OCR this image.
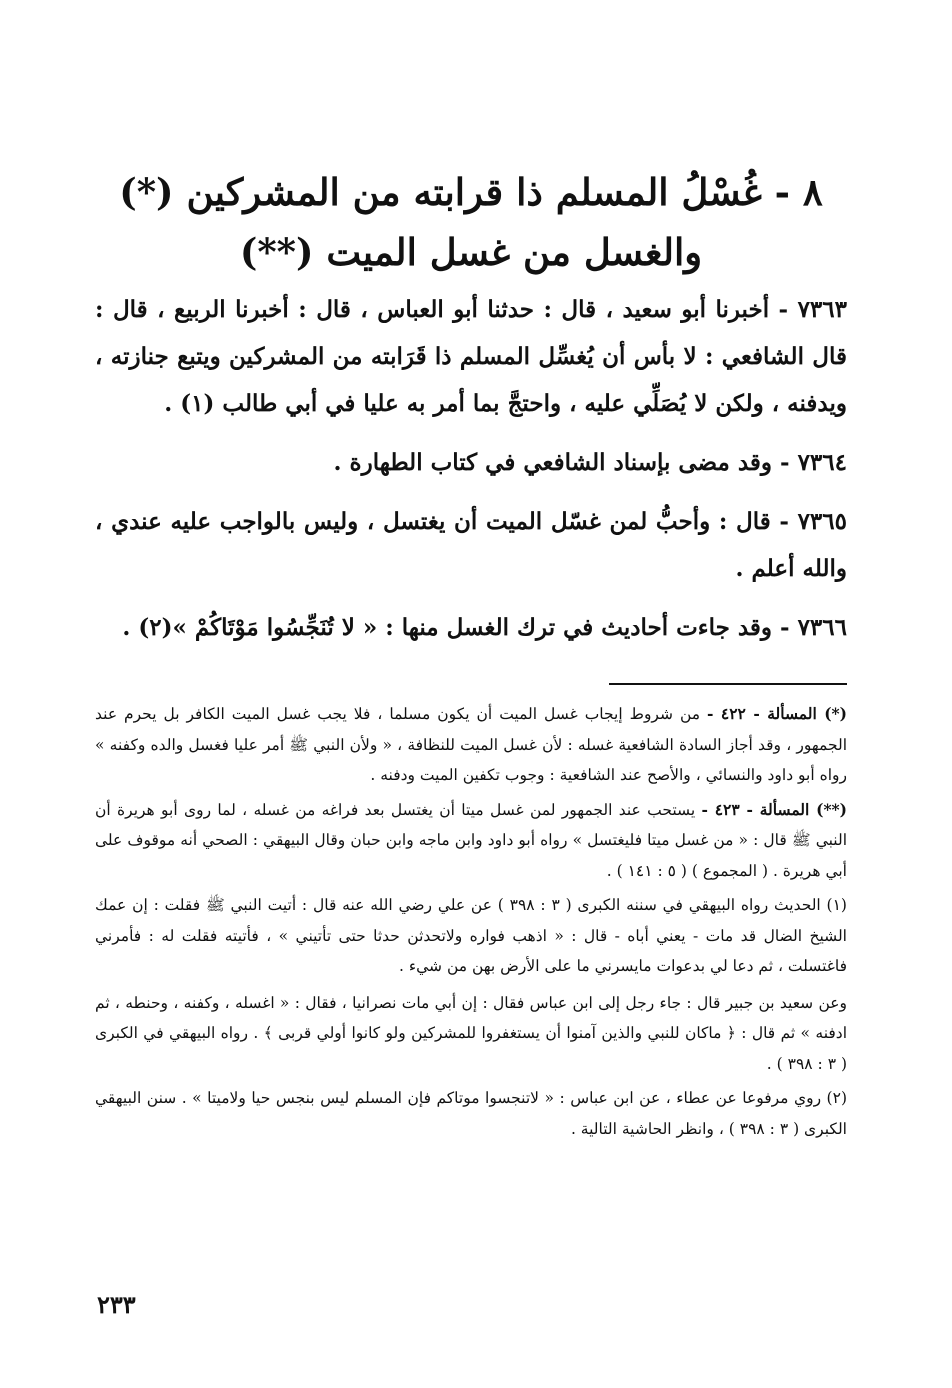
٨ - غُسْلُ المسلم ذا قرابته من المشركين (*)
والغسل من غسل الميت (**)

٧٣٦٣ - أخبرنا أبو سعيد ، قال : حدثنا أبو العباس ، قال : أخبرنا الربيع ، قال : قال الشافعي : لا بأس أن يُغسِّل المسلم ذا قَرَابته من المشركين ويتبع جنازته ، ويدفنه ، ولكن لا يُصَلِّي عليه ، واحتجَّ بما أمر به عليا في أبي طالب (١) .

٧٣٦٤ - وقد مضى بإسناد الشافعي في كتاب الطهارة .

٧٣٦٥ - قال : وأحبُّ لمن غسّل الميت أن يغتسل ، وليس بالواجب عليه عندي ، والله أعلم .

٧٣٦٦ - وقد جاءت أحاديث في ترك الغسل منها : « لا تُنَجِّسُوا مَوْتَاكُمْ »(٢) .

(*) المسألة - ٤٢٢ - من شروط إيجاب غسل الميت أن يكون مسلما ، فلا يجب غسل الميت الكافر بل يحرم عند الجمهور ، وقد أجاز السادة الشافعية غسله : لأن غسل الميت للنظافة ، « ولأن النبي ﷺ أمر عليا فغسل والده وكفنه » رواه أبو داود والنسائي ، والأصح عند الشافعية : وجوب تكفين الميت ودفنه .

(**) المسألة - ٤٢٣ - يستحب عند الجمهور لمن غسل ميتا أن يغتسل بعد فراغه من غسله ، لما روى أبو هريرة أن النبي ﷺ قال : « من غسل ميتا فليغتسل » رواه أبو داود وابن ماجه وابن حبان وقال البيهقي : الصحي أنه موقوف على أبي هريرة . ( المجموع ) ( ٥ : ١٤١ ) .

(١) الحديث رواه البيهقي في سننه الكبرى ( ٣ : ٣٩٨ ) عن علي رضي الله عنه قال : أتيت النبي ﷺ فقلت : إن عمك الشيخ الضال قد مات - يعني أباه - قال : « اذهب فواره ولاتحدثن حدثا حتى تأتيني » ، فأتيته فقلت له : فأمرني فاغتسلت ، ثم دعا لي بدعوات مايسرني ما على الأرض بهن من شيء .

وعن سعيد بن جبير قال : جاء رجل إلى ابن عباس فقال : إن أبي مات نصرانيا ، فقال : « اغسله ، وكفنه ، وحنطه ، ثم ادفنه » ثم قال : ﴿ ماكان للنبي والذين آمنوا أن يستغفروا للمشركين ولو كانوا أولي قربى ﴾ . رواه البيهقي في الكبرى ( ٣ : ٣٩٨ ) .

(٢) روي مرفوعا عن عطاء ، عن ابن عباس : « لاتنجسوا موتاكم فإن المسلم ليس بنجس حيا ولاميتا » . سنن البيهقي الكبرى ( ٣ : ٣٩٨ ) ، وانظر الحاشية التالية .

٢٣٣
